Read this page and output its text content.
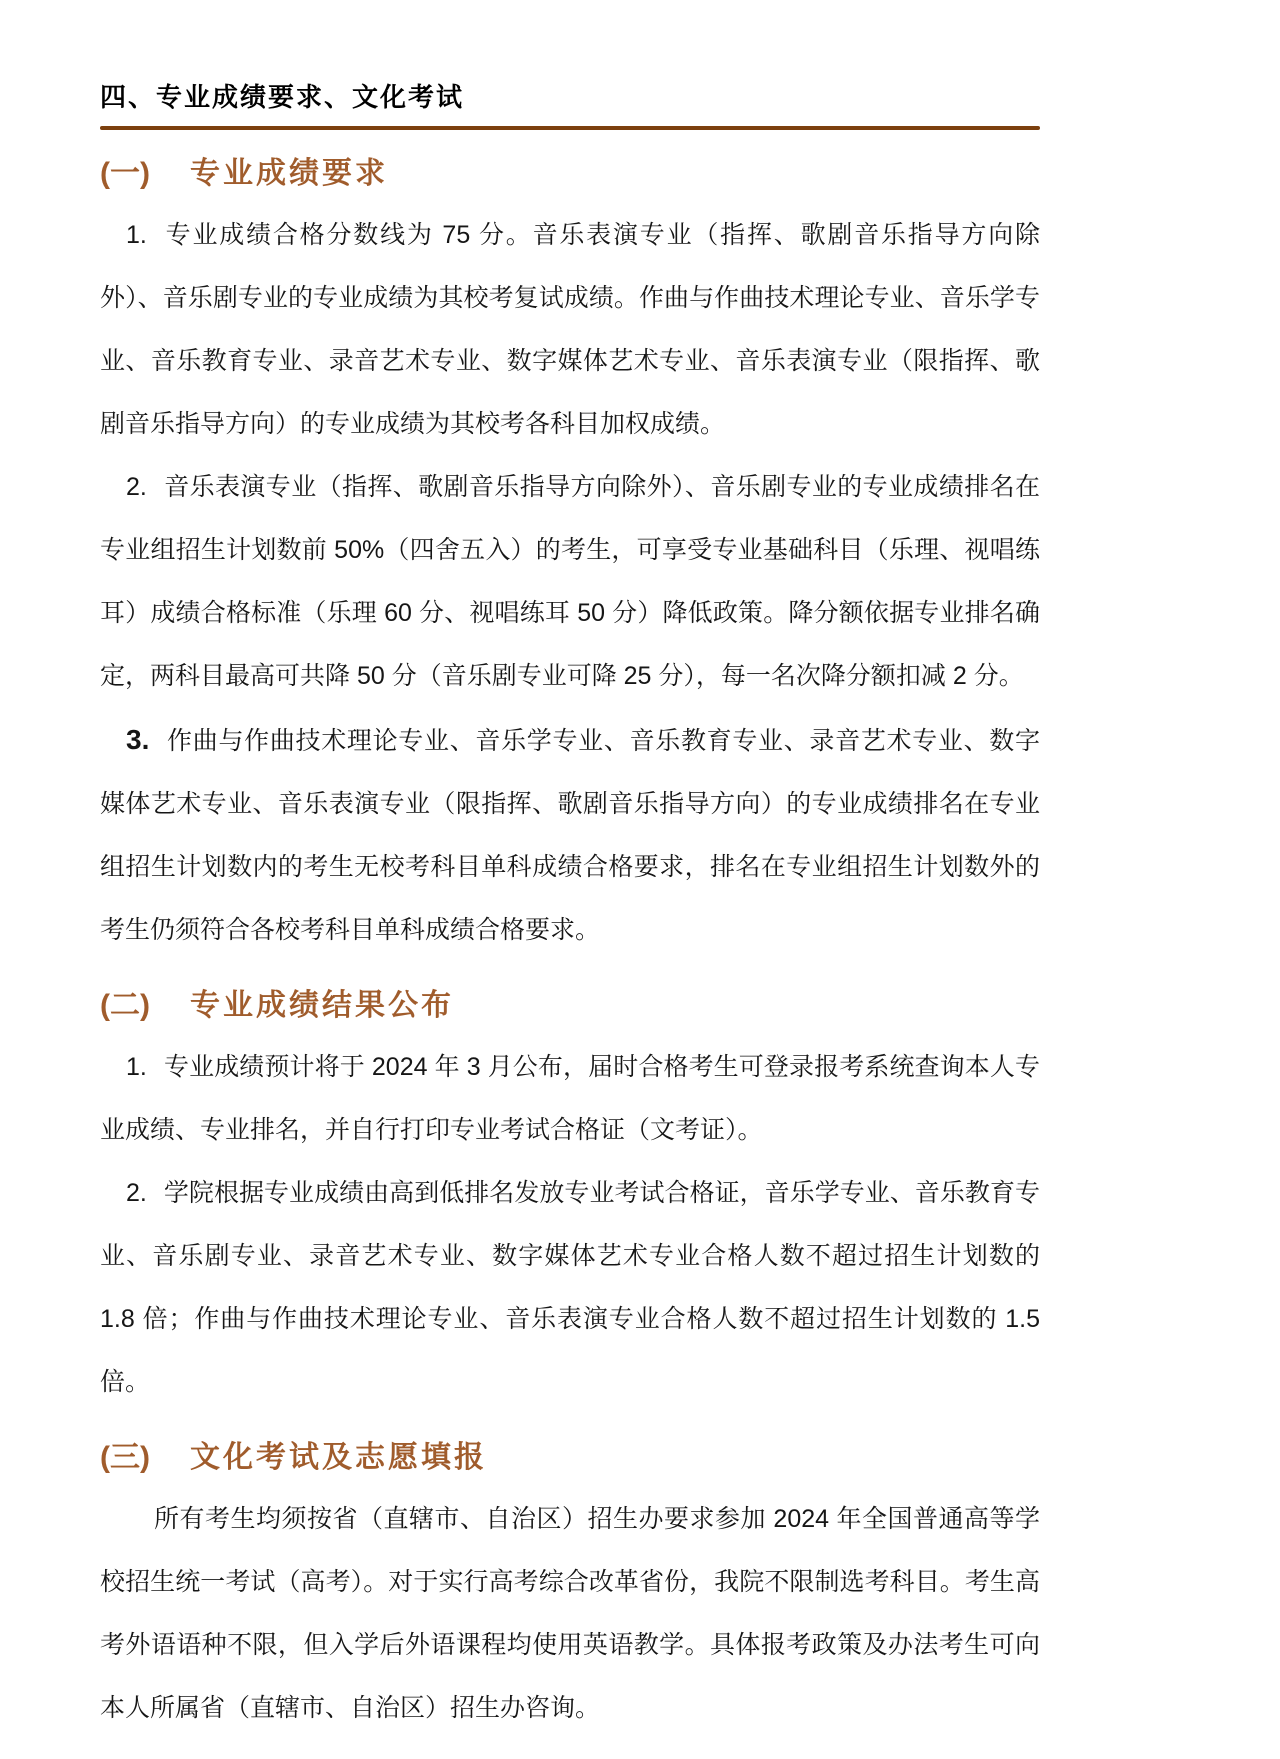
四、专业成绩要求、文化考试
(一) 专业成绩要求

1. 专业成绩合格分数线为 75 分。音乐表演专业（指挥、歌剧音乐指导方向除外）、音乐剧专业的专业成绩为其校考复试成绩。作曲与作曲技术理论专业、音乐学专业、音乐教育专业、录音艺术专业、数字媒体艺术专业、音乐表演专业（限指挥、歌剧音乐指导方向）的专业成绩为其校考各科目加权成绩。

2. 音乐表演专业（指挥、歌剧音乐指导方向除外）、音乐剧专业的专业成绩排名在专业组招生计划数前 50%（四舍五入）的考生，可享受专业基础科目（乐理、视唱练耳）成绩合格标准（乐理 60 分、视唱练耳 50 分）降低政策。降分额依据专业排名确定，两科目最高可共降 50 分（音乐剧专业可降 25 分），每一名次降分额扣减 2 分。

3. 作曲与作曲技术理论专业、音乐学专业、音乐教育专业、录音艺术专业、数字媒体艺术专业、音乐表演专业（限指挥、歌剧音乐指导方向）的专业成绩排名在专业组招生计划数内的考生无校考科目单科成绩合格要求，排名在专业组招生计划数外的考生仍须符合各校考科目单科成绩合格要求。

(二) 专业成绩结果公布

1. 专业成绩预计将于 2024 年 3 月公布，届时合格考生可登录报考系统查询本人专业成绩、专业排名，并自行打印专业考试合格证（文考证）。

2. 学院根据专业成绩由高到低排名发放专业考试合格证，音乐学专业、音乐教育专业、音乐剧专业、录音艺术专业、数字媒体艺术专业合格人数不超过招生计划数的 1.8 倍；作曲与作曲技术理论专业、音乐表演专业合格人数不超过招生计划数的 1.5 倍。

(三) 文化考试及志愿填报

所有考生均须按省（直辖市、自治区）招生办要求参加 2024 年全国普通高等学校招生统一考试（高考）。对于实行高考综合改革省份，我院不限制选考科目。考生高考外语语种不限，但入学后外语课程均使用英语教学。具体报考政策及办法考生可向本人所属省（直辖市、自治区）招生办咨询。
